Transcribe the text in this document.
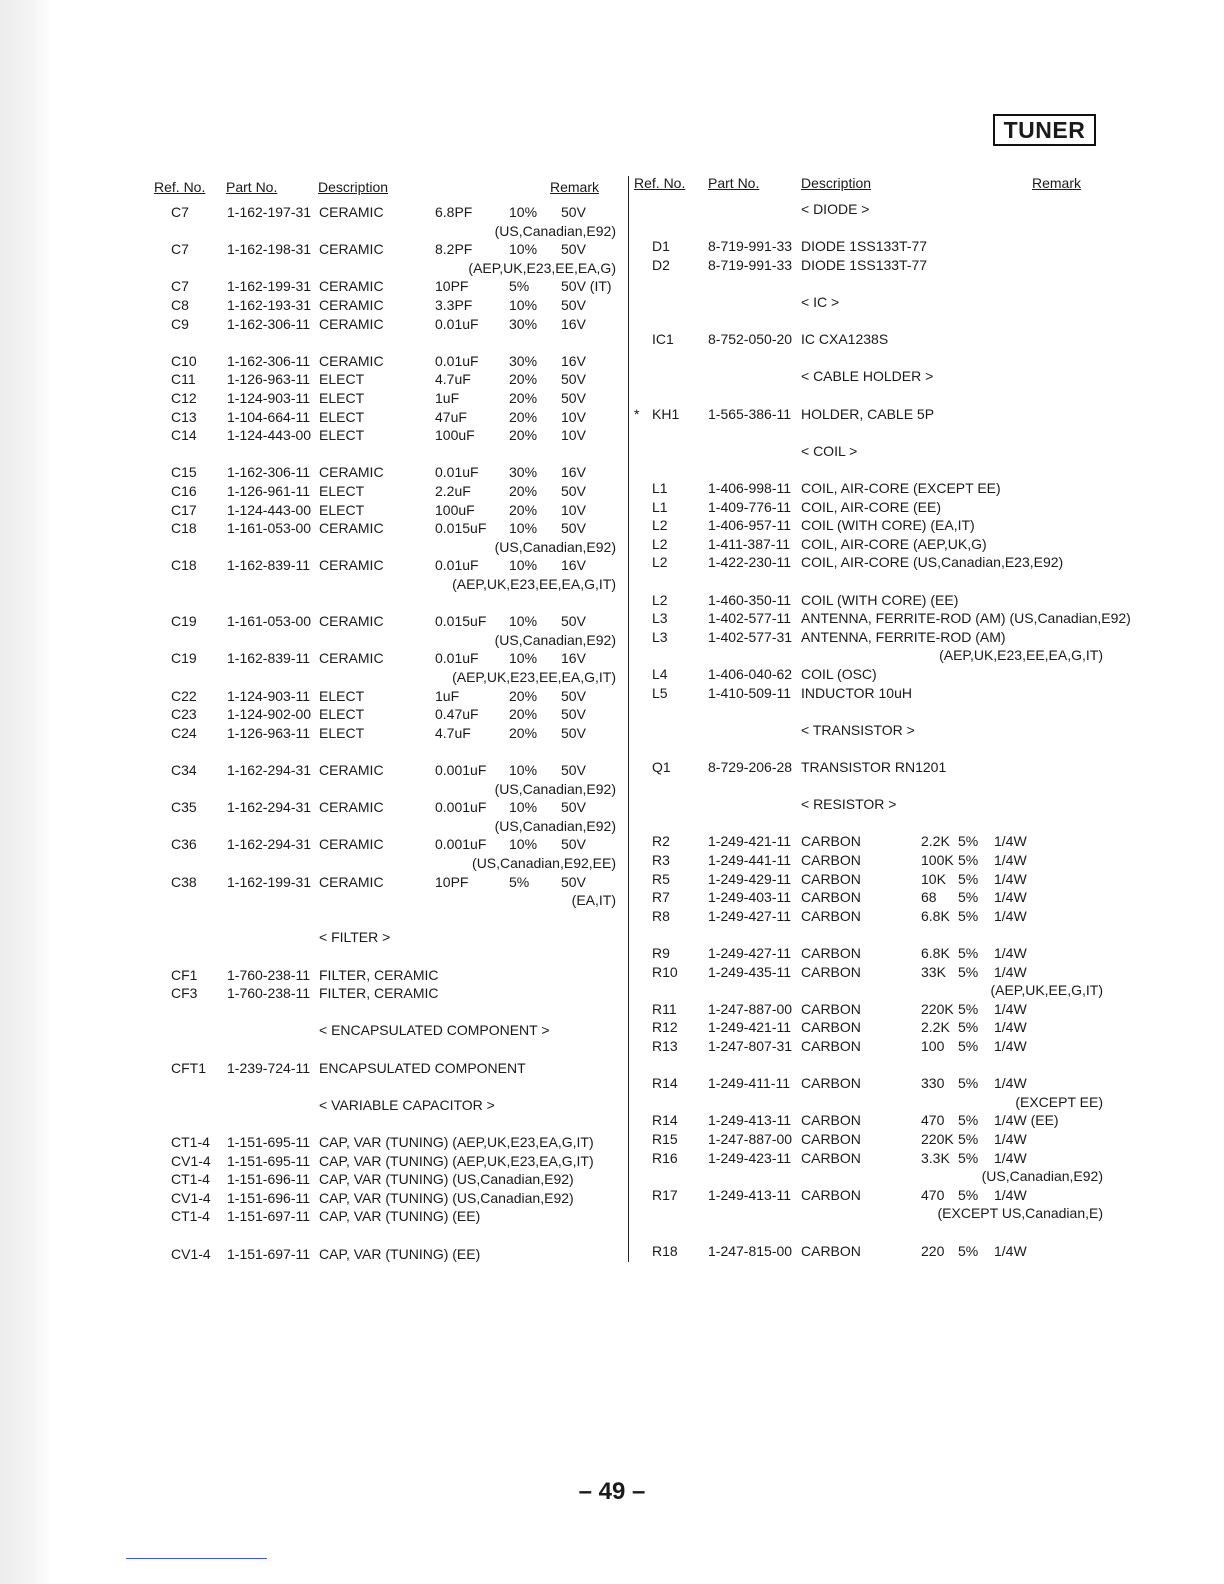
TUNER
Ref. No. Part No.	Description	Remark
C7	1-162-197-31 CERAMIC	6.8PF	10% 50V
(US,Canadian,E92)
C7	1-162-198-31 CERAMIC	8.2PF	10% 50V
(AEP,UK,E23,EE,EA,G)
C7	1-162-199-31 CERAMIC	10PF	5% 50V (IT)
C8	1-162-193-31 CERAMIC	3.3PF	10% 50V
C9	1-162-306-11 CERAMIC	0.01uF 30% 16V
C10 1-162-306-11 CERAMIC	0.01uF 30% 16V
C11 1-126-963-11 ELECT	4.7uF	20% 50V
C12 1-124-903-11 ELECT	1uF	20% 50V
C13 1-104-664-11 ELECT	47uF	20% 10V
C14 1-124-443-00 ELECT	100uF 20% 10V
C15 1-162-306-11 CERAMIC	0.01uF 30% 16V
C16 1-126-961-11 ELECT	2.2uF	20% 50V
C17 1-124-443-00 ELECT	100uF 20% 10V
C18 1-161-053-00 CERAMIC	0.015uF 10% 50V
(US,Canadian,E92)
C18 1-162-839-11 CERAMIC	0.01uF 10% 16V
(AEP,UK,E23,EE,EA,G,IT)
C19 1-161-053-00 CERAMIC	0.015uF 10% 50V
(US,Canadian,E92)
C19 1-162-839-11 CERAMIC	0.01uF 10% 16V
(AEP,UK,E23,EE,EA,G,IT)
C22 1-124-903-11 ELECT	1uF	20% 50V
C23 1-124-902-00 ELECT	0.47uF 20% 50V
C24 1-126-963-11 ELECT	4.7uF	20% 50V
C34 1-162-294-31 CERAMIC	0.001uF 10% 50V
(US,Canadian,E92)
C35 1-162-294-31 CERAMIC	0.001uF 10% 50V
(US,Canadian,E92)
C36 1-162-294-31 CERAMIC	0.001uF 10% 50V
(US,Canadian,E92,EE)
C38 1-162-199-31 CERAMIC	10PF	5% 50V
(EA,IT)
< FILTER >
CF1 1-760-238-11 FILTER, CERAMIC
CF3 1-760-238-11 FILTER, CERAMIC
< ENCAPSULATED COMPONENT >
CFT1 1-239-724-11 ENCAPSULATED COMPONENT
< VARIABLE CAPACITOR >
CT1-4 1-151-695-11 CAP, VAR (TUNING) (AEP,UK,E23,EA,G,IT)
CV1-4 1-151-695-11 CAP, VAR (TUNING) (AEP,UK,E23,EA,G,IT)
CT1-4 1-151-696-11 CAP, VAR (TUNING) (US,Canadian,E92)
CV1-4 1-151-696-11 CAP, VAR (TUNING) (US,Canadian,E92)
CT1-4 1-151-697-11 CAP, VAR (TUNING) (EE)
CV1-4 1-151-697-11 CAP, VAR (TUNING) (EE)
Ref. No. Part No.	Description	Remark
< DIODE >
D1	8-719-991-33 DIODE 1SS133T-77
D2	8-719-991-33 DIODE 1SS133T-77
< IC >
IC1 8-752-050-20 IC CXA1238S
< CABLE HOLDER >
* KH1 1-565-386-11 HOLDER, CABLE 5P
< COIL >
L1	1-406-998-11 COIL, AIR-CORE (EXCEPT EE)
L1	1-409-776-11 COIL, AIR-CORE (EE)
L2	1-406-957-11 COIL (WITH CORE) (EA,IT)
L2	1-411-387-11 COIL, AIR-CORE (AEP,UK,G)
L2	1-422-230-11 COIL, AIR-CORE (US,Canadian,E23,E92)
L2	1-460-350-11 COIL (WITH CORE) (EE)
L3	1-402-577-11 ANTENNA, FERRITE-ROD (AM) (US,Canadian,E92)
L3	1-402-577-31 ANTENNA, FERRITE-ROD (AM)
(AEP,UK,E23,EE,EA,G,IT)
L4	1-406-040-62 COIL (OSC)
L5	1-410-509-11 INDUCTOR 10uH
< TRANSISTOR >
Q1	8-729-206-28 TRANSISTOR RN1201
< RESISTOR >
R2	1-249-421-11 CARBON	2.2K 5% 1/4W
R3	1-249-441-11 CARBON	100K 5% 1/4W
R5	1-249-429-11 CARBON	10K 5% 1/4W
R7	1-249-403-11 CARBON	68 5% 1/4W
R8	1-249-427-11 CARBON	6.8K 5% 1/4W
R9	1-249-427-11 CARBON	6.8K 5% 1/4W
R10 1-249-435-11 CARBON	33K 5% 1/4W
(AEP,UK,EE,G,IT)
R11 1-247-887-00 CARBON	220K 5% 1/4W
R12 1-249-421-11 CARBON	2.2K 5% 1/4W
R13 1-247-807-31 CARBON	100 5% 1/4W
R14 1-249-411-11 CARBON	330 5% 1/4W
(EXCEPT EE)
R14 1-249-413-11 CARBON	470 5% 1/4W (EE)
R15 1-247-887-00 CARBON	220K 5% 1/4W
R16 1-249-423-11 CARBON	3.3K 5% 1/4W
(US,Canadian,E92)
R17 1-249-413-11 CARBON	470 5% 1/4W
(EXCEPT US,Canadian,E)
R18 1-247-815-00 CARBON	220 5% 1/4W
– 49 –
